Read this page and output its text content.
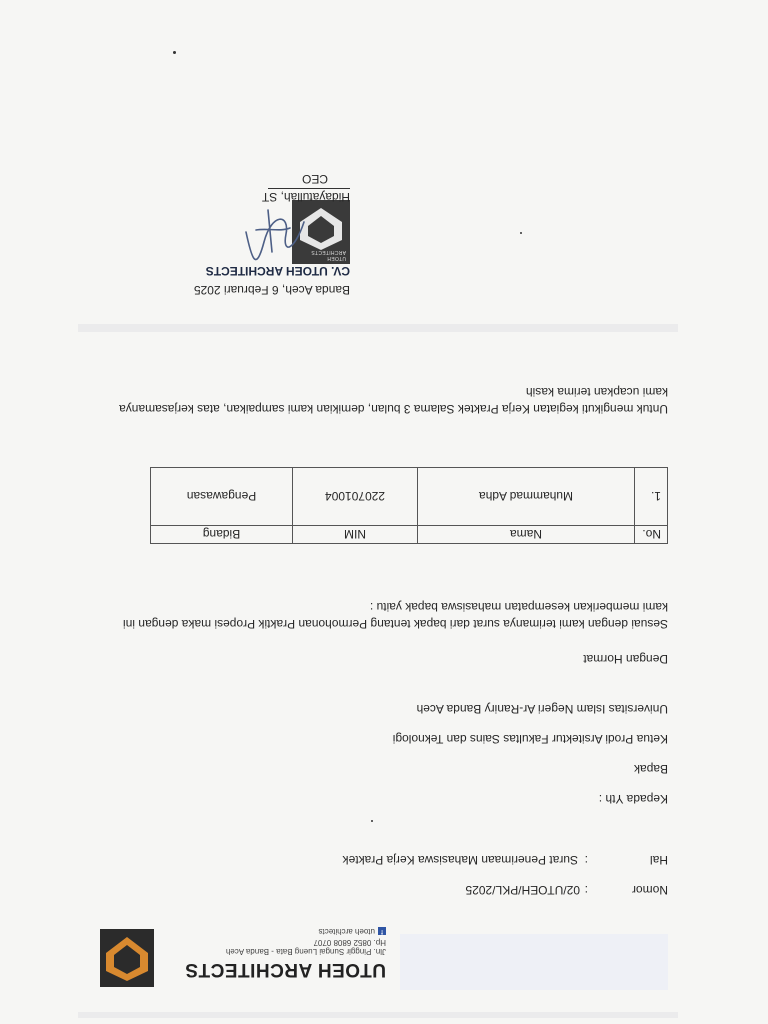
UTOEH ARCHITECTS
Jln. Pinggir Sungai Lueng Bata - Banda Aceh
Hp. 0852 6808 0707
futoeh architects
Nomor
:
02/UTOEH/PKL/2025
Hal
:
Surat Penerimaan Mahasiswa Kerja Praktek
Kepada Yth :
Bapak
Ketua Prodi Arsitektur Fakultas Sains dan Teknologi
Universitas Islam Negeri Ar-Raniry Banda Aceh
Dengan Hormat
Sesuai dengan kami terimanya surat dari bapak tentang Permohonan Praktik Propesi maka dengan ini
kami memberikan kesempatan mahasiswa bapak yaitu :
No.	Nama	NIM	Bidang
1.	Muhammad Adha	220701004	Pengawasan
Untuk mengikuti kegiatan Kerja Praktek Salama 3 bulan, demikian kami sampaikan, atas kerjasamanya
kami ucapkan terima kasih
Banda Aceh, 6 Februari 2025
UTOEH ARCHITECTS
CV. UTOEH ARCHITECTS
Hidayatullah, ST
CEO
